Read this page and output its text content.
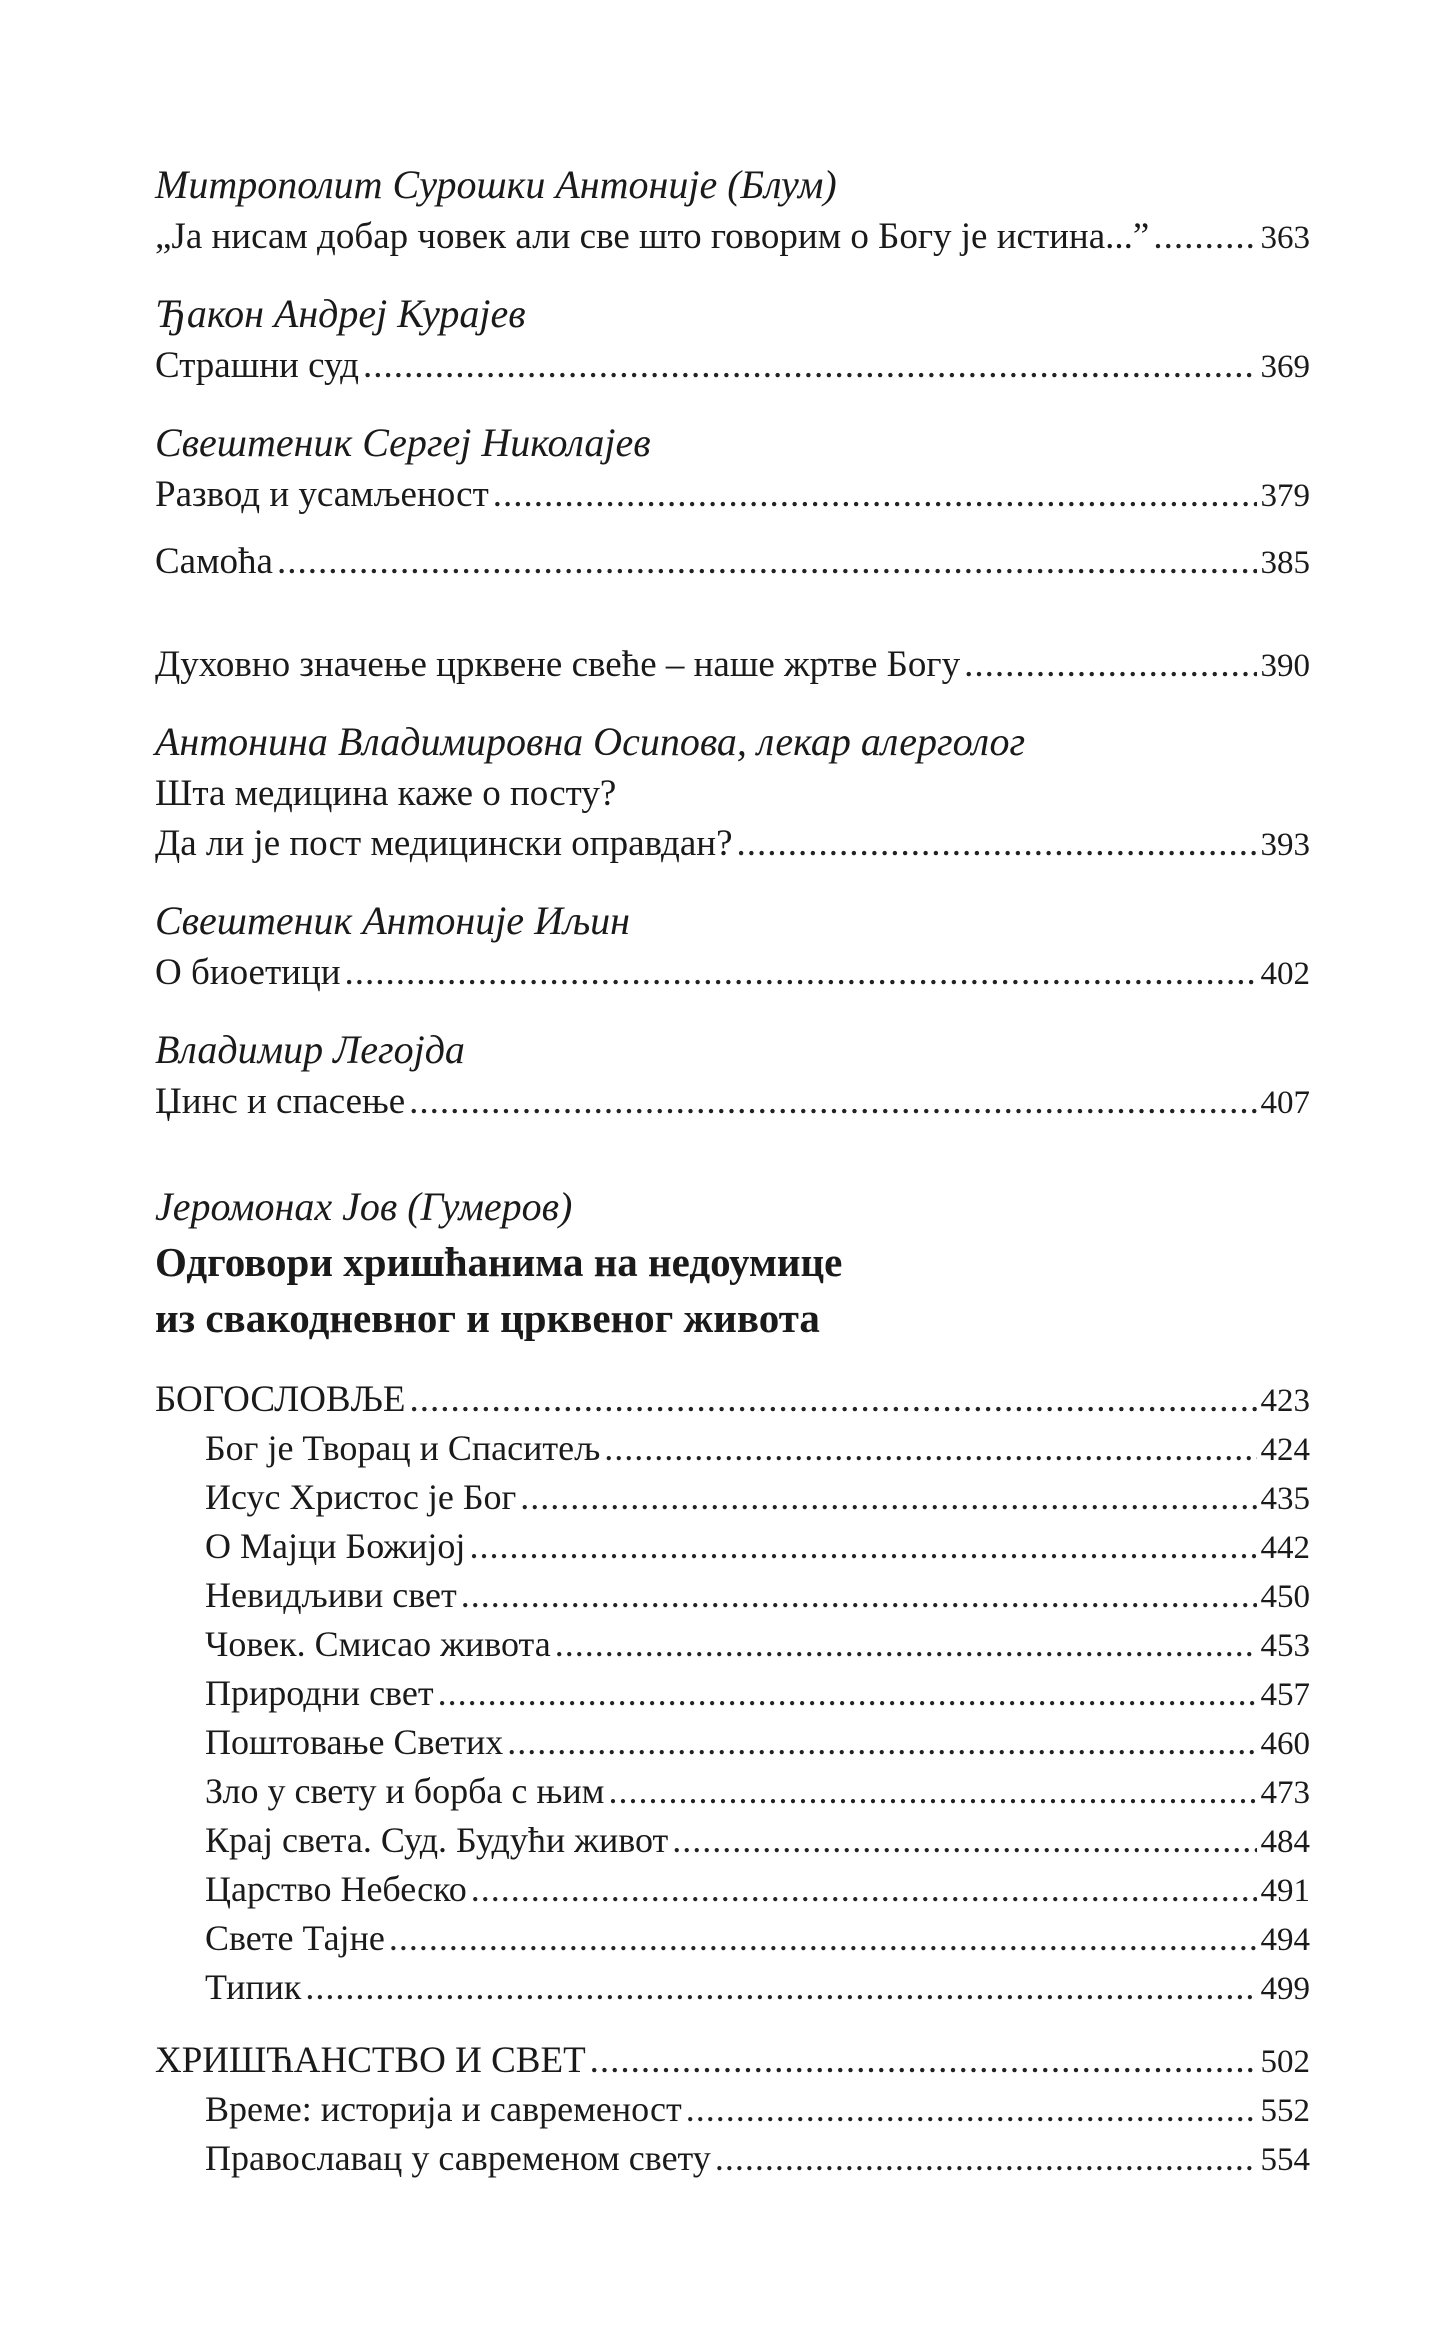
Митрополит Сурошки Антоније (Блум)
„Ја нисам добар човек али све што говорим о Богу је истина...” .....	363
Ђакон Андреј Курајев
Страшни суд .....	369
Свештеник Сергеј Николајев
Развод и усамљеност .....	379
Самоћа .....	385
Духовно значење црквене свеће – наше жртве Богу .....	390
Антонина Владимировна Осипова, лекар алерголог
Шта медицина каже о посту?
Да ли је пост медицински оправдан? .....	393
Свештеник Антоније Иљин
О биоетици .....	402
Владимир Легојда
Џинс и спасење .....	407
Јеромонах Јов (Гумеров)
Одговори хришћанима на недоумице
из свакодневног и црквеног живота
БОГОСЛОВЉЕ .....	423
Бог је Творац и Спаситељ .....	424
Исус Христос је Бог .....	435
О Мајци Божијој .....	442
Невидљиви свет .....	450
Човек. Смисао живота .....	453
Природни свет .....	457
Поштовање Светих .....	460
Зло у свету и борба с њим .....	473
Крај света. Суд. Будући живот .....	484
Царство Небеско .....	491
Свете Тајне .....	494
Типик .....	499
ХРИШЋАНСТВО И СВЕТ .....	502
Време: историја и савременост .....	552
Православац у савременом свету .....	554
